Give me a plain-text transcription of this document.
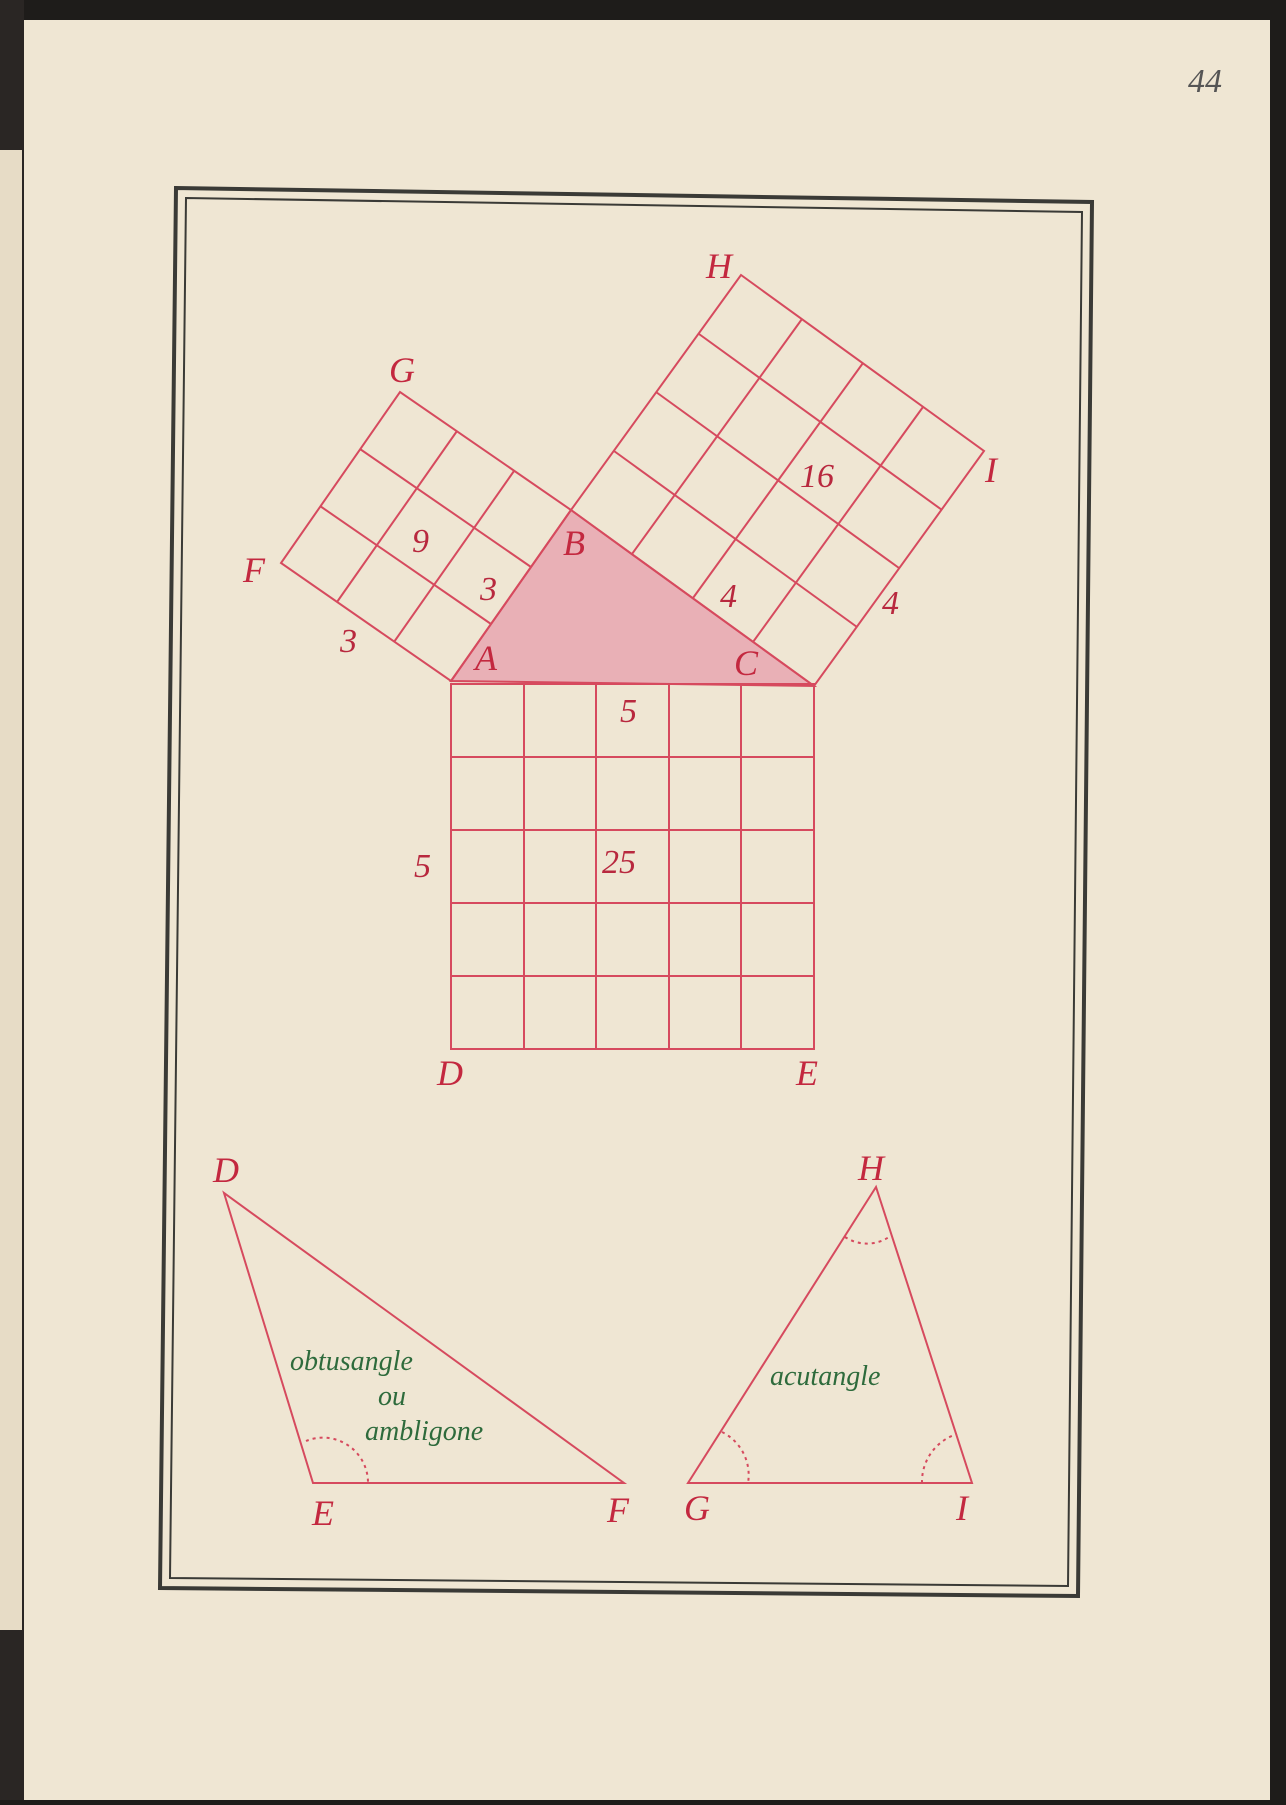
44
A
B
C
D	E
F
G
H
I
9
3
3
16
4	4
5
5	25
D
E	F
obtusangle
ou
ambligone
H
G	I
acutangle
